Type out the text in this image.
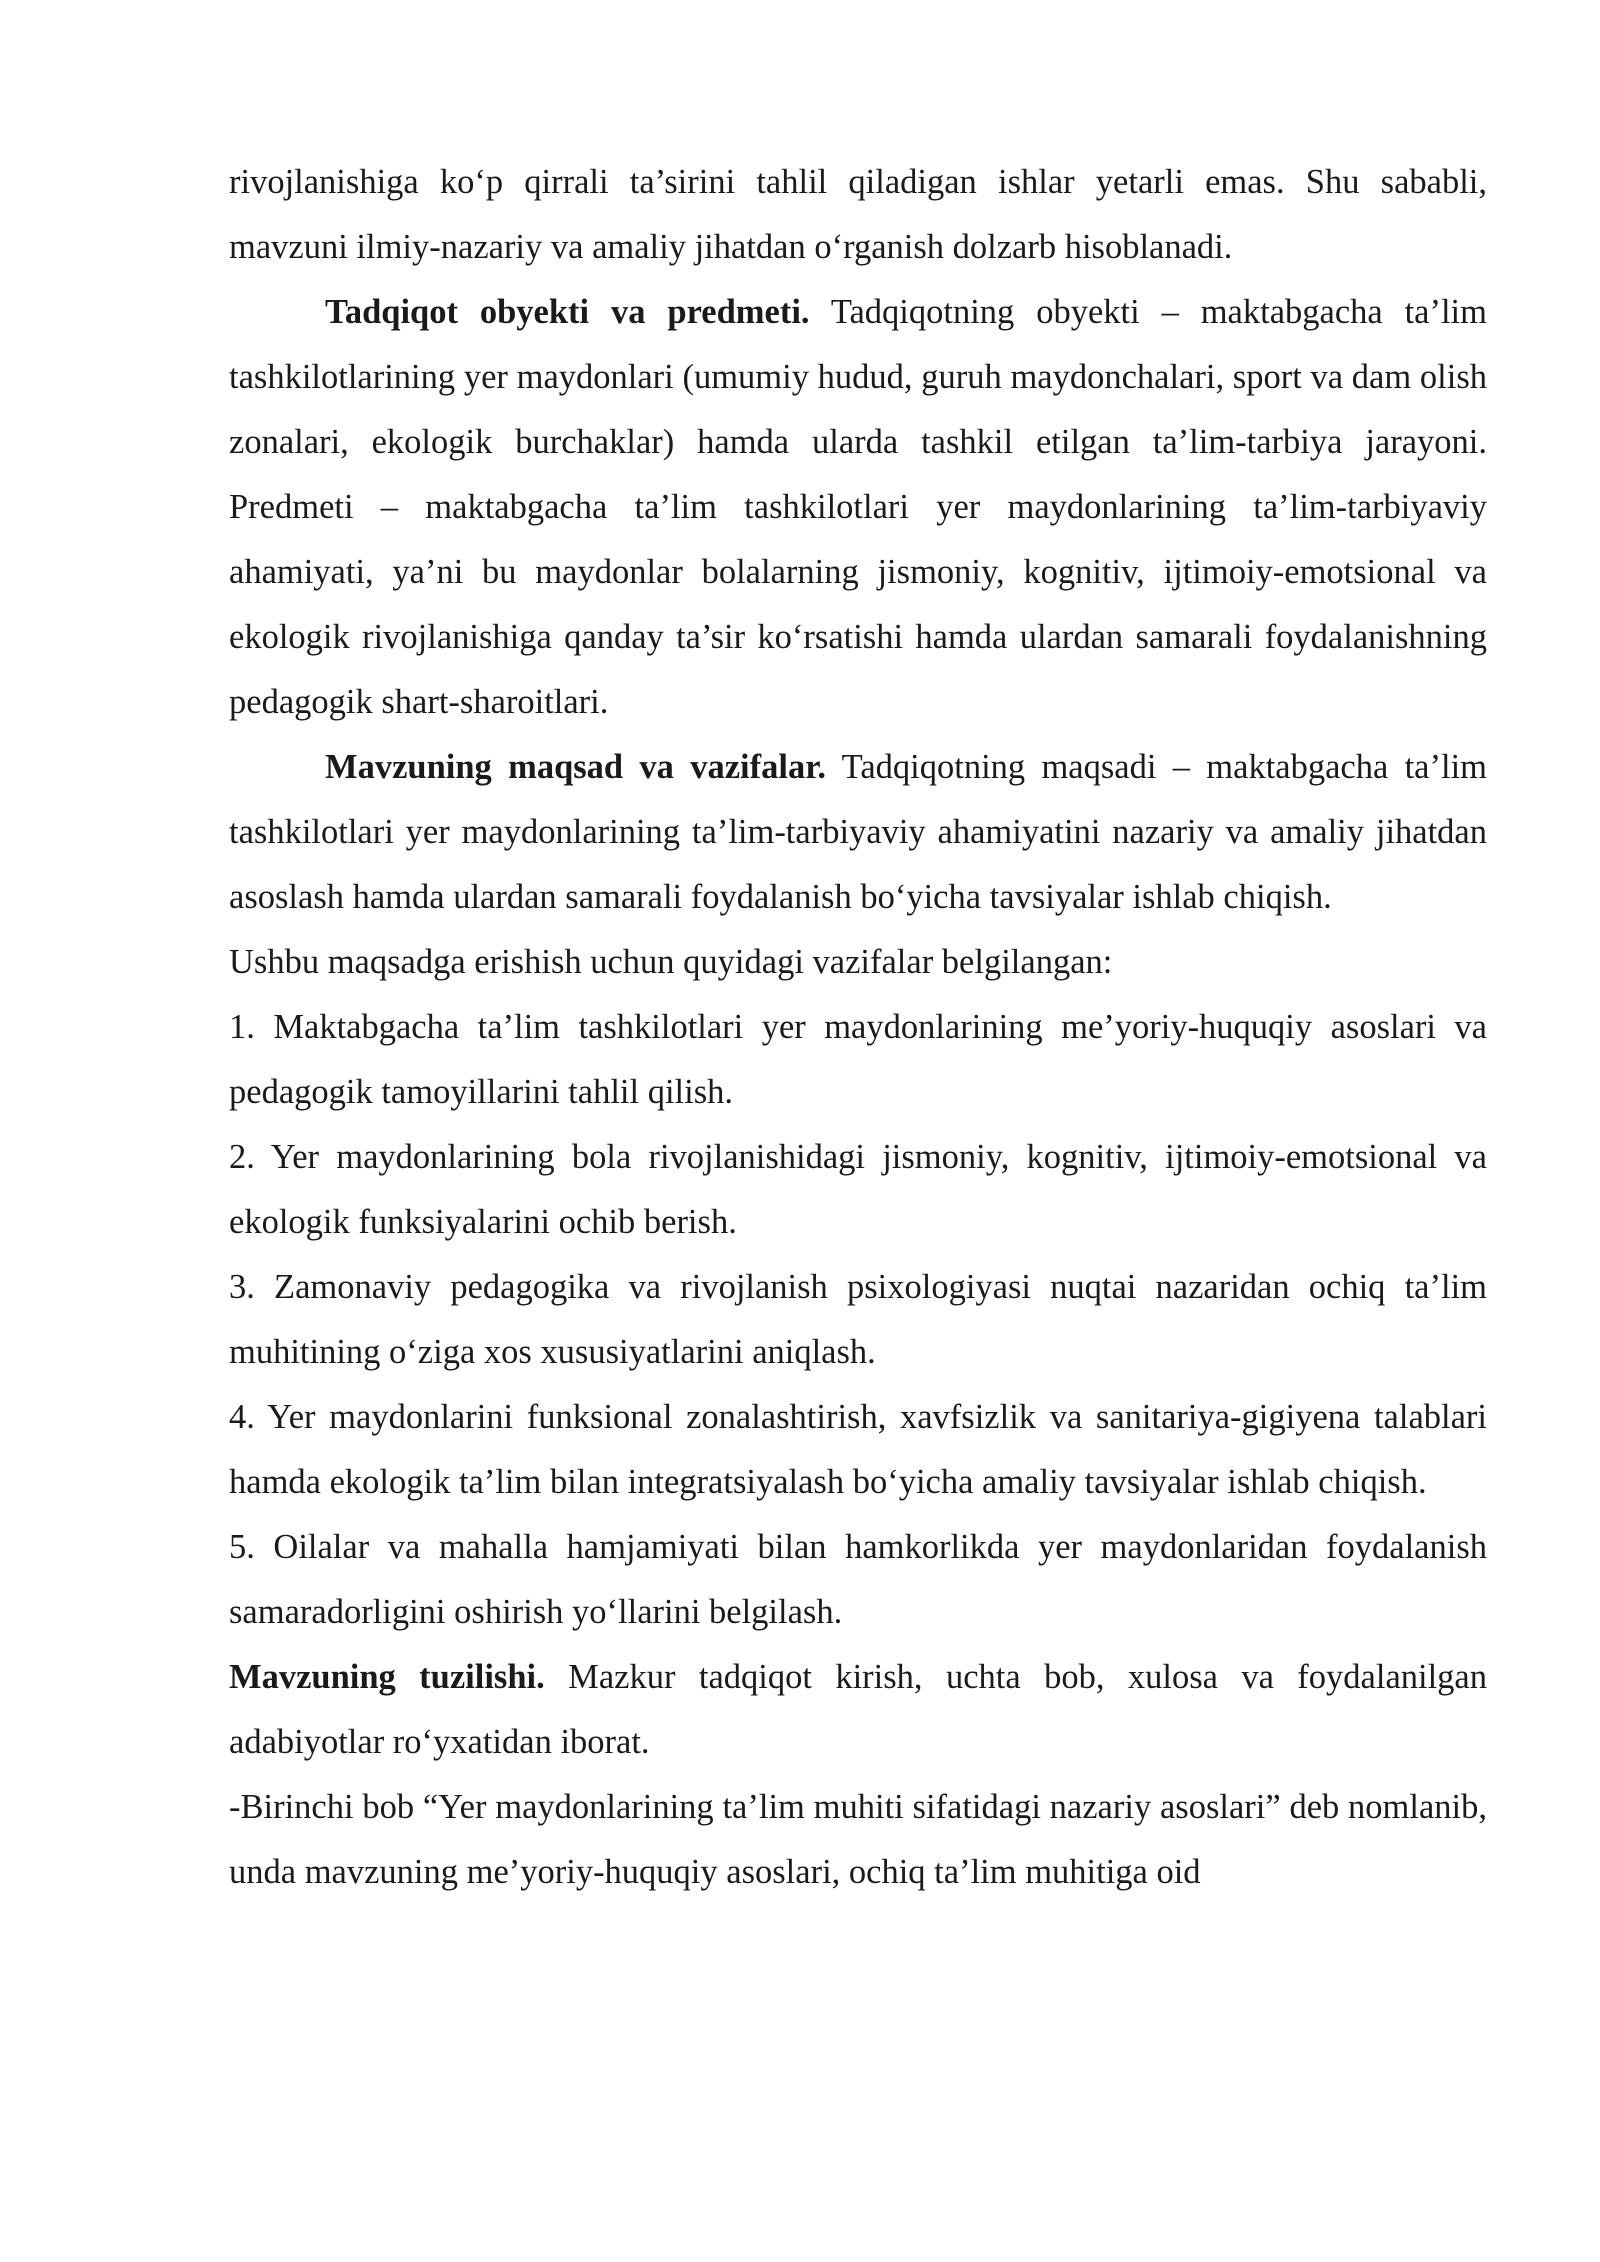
rivojlanishiga ko‘p qirrali ta’sirini tahlil qiladigan ishlar yetarli emas. Shu sababli, mavzuni ilmiy-nazariy va amaliy jihatdan o‘rganish dolzarb hisoblanadi.

Tadqiqot obyekti va predmeti. Tadqiqotning obyekti – maktabgacha ta’lim tashkilotlarining yer maydonlari (umumiy hudud, guruh maydonchalari, sport va dam olish zonalari, ekologik burchaklar) hamda ularda tashkil etilgan ta’lim-tarbiya jarayoni. Predmeti – maktabgacha ta’lim tashkilotlari yer maydonlarining ta’lim-tarbiyaviy ahamiyati, ya’ni bu maydonlar bolalarning jismoniy, kognitiv, ijtimoiy-emotsional va ekologik rivojlanishiga qanday ta’sir ko‘rsatishi hamda ulardan samarali foydalanishning pedagogik shart-sharoitlari.

Mavzuning maqsad va vazifalar. Tadqiqotning maqsadi – maktabgacha ta’lim tashkilotlari yer maydonlarining ta’lim-tarbiyaviy ahamiyatini nazariy va amaliy jihatdan asoslash hamda ulardan samarali foydalanish bo‘yicha tavsiyalar ishlab chiqish.

Ushbu maqsadga erishish uchun quyidagi vazifalar belgilangan:

1. Maktabgacha ta’lim tashkilotlari yer maydonlarining me’yoriy-huquqiy asoslari va pedagogik tamoyillarini tahlil qilish.

2. Yer maydonlarining bola rivojlanishidagi jismoniy, kognitiv, ijtimoiy-emotsional va ekologik funksiyalarini ochib berish.

3. Zamonaviy pedagogika va rivojlanish psixologiyasi nuqtai nazaridan ochiq ta’lim muhitining o‘ziga xos xususiyatlarini aniqlash.

4. Yer maydonlarini funksional zonalashtirish, xavfsizlik va sanitariya-gigiyena talablari hamda ekologik ta’lim bilan integratsiyalash bo‘yicha amaliy tavsiyalar ishlab chiqish.

5. Oilalar va mahalla hamjamiyati bilan hamkorlikda yer maydonlaridan foydalanish samaradorligini oshirish yo‘llarini belgilash.

Mavzuning tuzilishi. Mazkur tadqiqot kirish, uchta bob, xulosa va foydalanilgan adabiyotlar ro‘yxatidan iborat.

-Birinchi bob “Yer maydonlarining ta’lim muhiti sifatidagi nazariy asoslari” deb nomlanib, unda mavzuning me’yoriy-huquqiy asoslari, ochiq ta’lim muhitiga oid
